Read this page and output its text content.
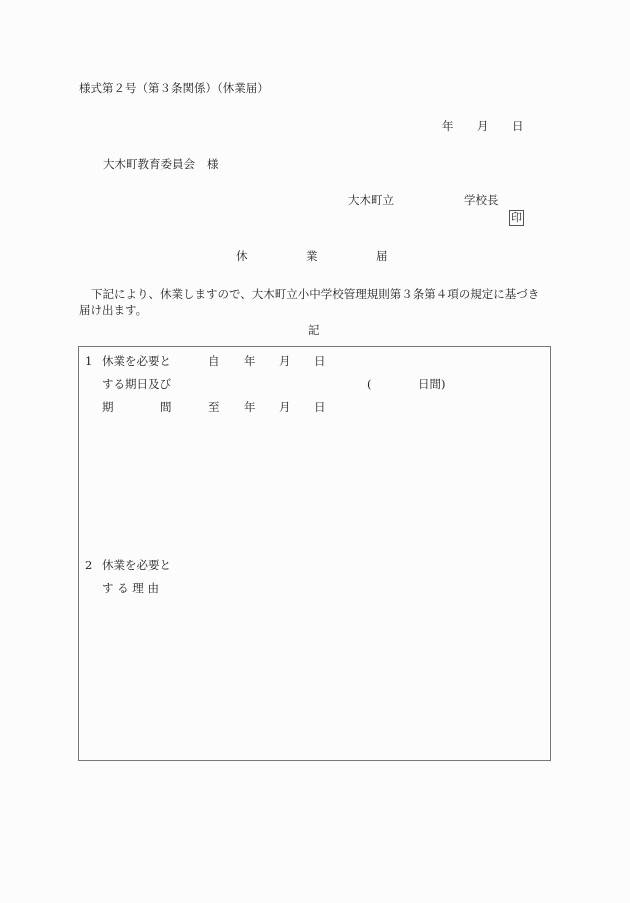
様式第２号（第３条関係）（休業届）
年 月 日
大木町教育委員会 様
大木町立	学校長
印
休	業	届
下記により、休業しますので、大木町立小中学校管理規則第３条第４項の規定に基づき
届け出ます。
記
1 休業を必要と	自 年 月 日
する期日及び	(	日間)
期	間	至 年 月 日
2 休業を必要と
す る 理 由
